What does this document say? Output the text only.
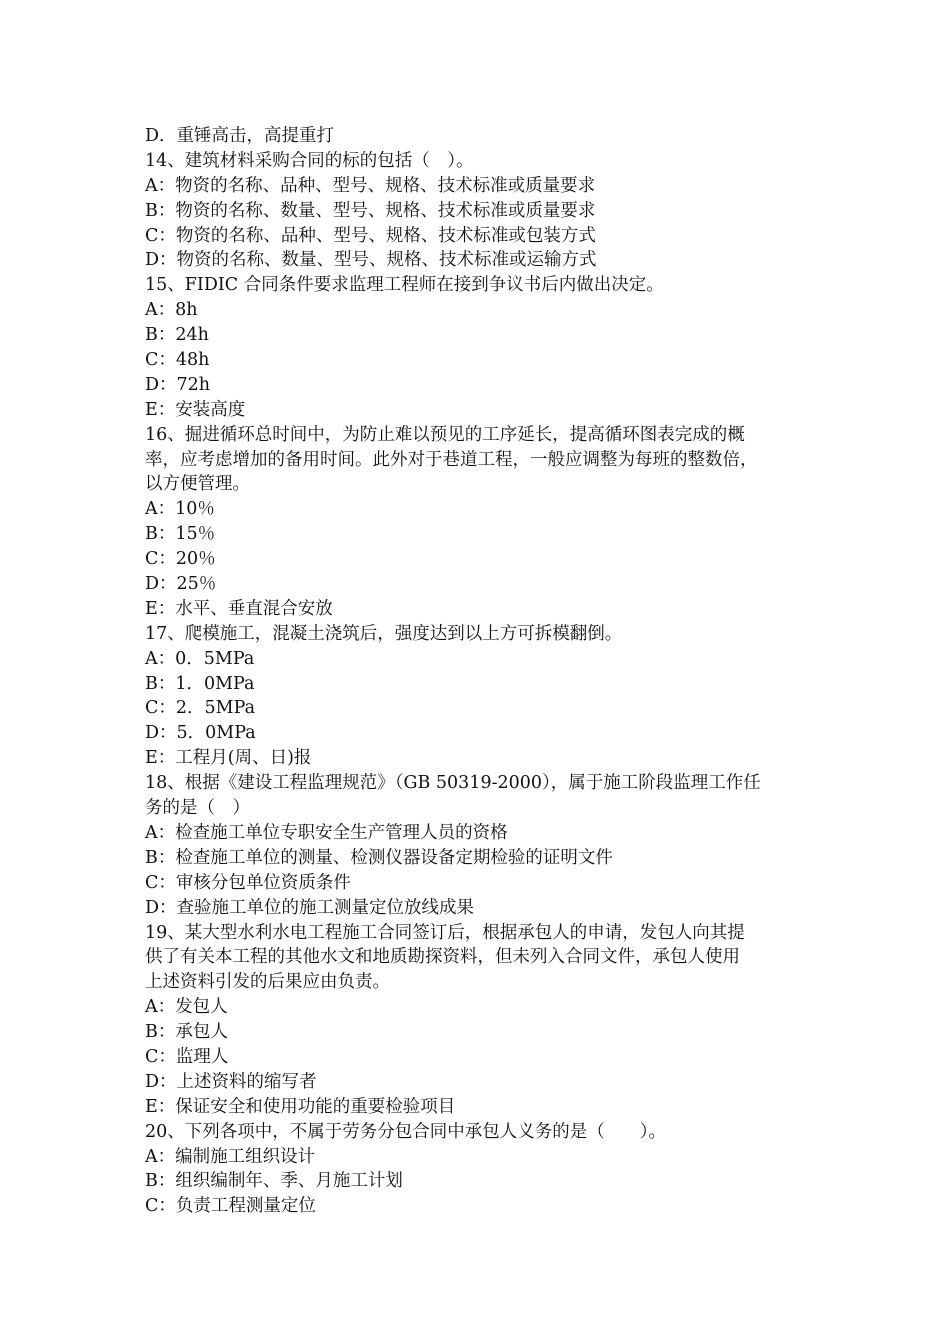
D．重锤高击，高提重打
14、建筑材料采购合同的标的包括（　）。
A：物资的名称、品种、型号、规格、技术标准或质量要求
B：物资的名称、数量、型号、规格、技术标准或质量要求
C：物资的名称、品种、型号、规格、技术标准或包装方式
D：物资的名称、数量、型号、规格、技术标准或运输方式
15、FIDIC 合同条件要求监理工程师在接到争议书后内做出决定。
A：8h
B：24h
C：48h
D：72h
E：安装高度
16、掘进循环总时间中，为防止难以预见的工序延长，提高循环图表完成的概
率，应考虑增加的备用时间。此外对于巷道工程，一般应调整为每班的整数倍，
以方便管理。
A：10％
B：15％
C：20％
D：25％
E：水平、垂直混合安放
17、爬模施工，混凝土浇筑后，强度达到以上方可拆模翻倒。
A：0．5MPa
B：1．0MPa
C：2．5MPa
D：5．0MPa
E：工程月(周、日)报
18、根据《建设工程监理规范》（GB 50319-2000），属于施工阶段监理工作任
务的是（　）
A：检查施工单位专职安全生产管理人员的资格
B：检查施工单位的测量、检测仪器设备定期检验的证明文件
C：审核分包单位资质条件
D：查验施工单位的施工测量定位放线成果
19、某大型水利水电工程施工合同签订后，根据承包人的申请，发包人向其提
供了有关本工程的其他水文和地质勘探资料，但未列入合同文件，承包人使用
上述资料引发的后果应由负责。
A：发包人
B：承包人
C：监理人
D：上述资料的缩写者
E：保证安全和使用功能的重要检验项目
20、下列各项中，不属于劳务分包合同中承包人义务的是（　　）。
A：编制施工组织设计
B：组织编制年、季、月施工计划
C：负责工程测量定位
